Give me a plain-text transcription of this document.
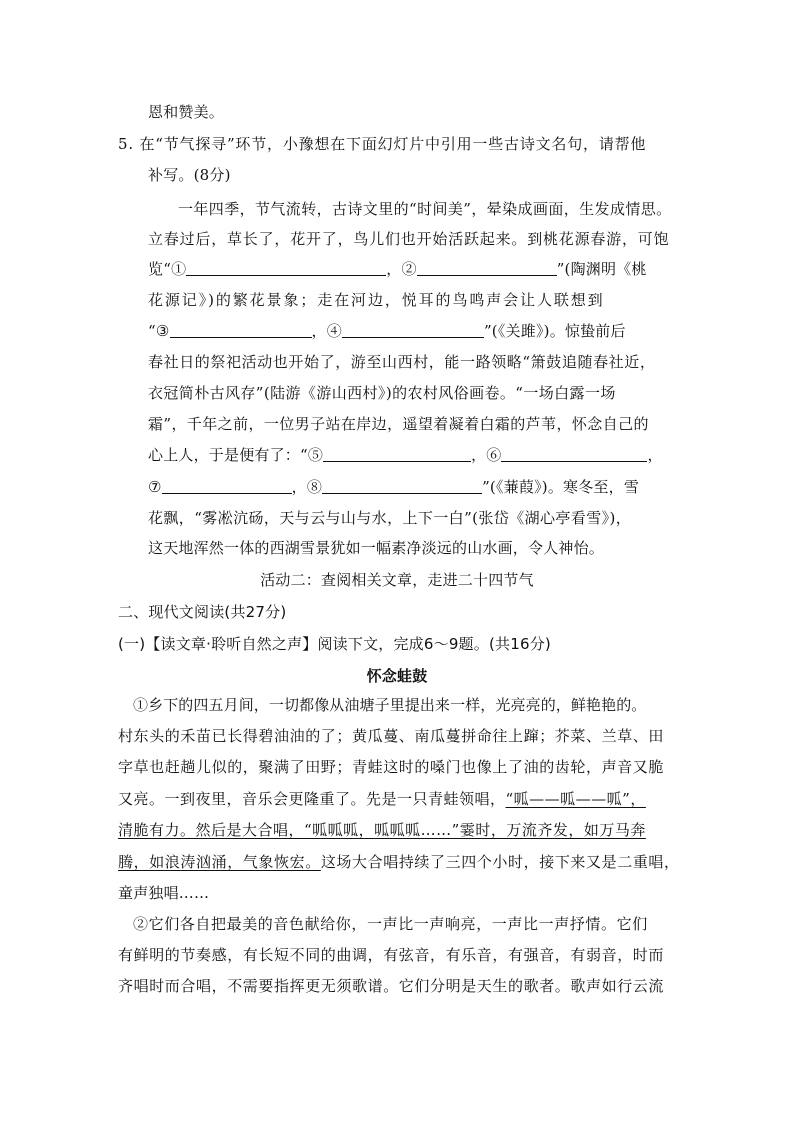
恩和赞美。
5. 在“节气探寻”环节，小豫想在下面幻灯片中引用一些古诗文名句，请帮他
补写。(8分)
一年四季，节气流转，古诗文里的“时间美”，晕染成画面，生发成情思。
立春过后，草长了，花开了，鸟儿们也开始活跃起来。到桃花源春游，可饱
览“①	，②	”(陶渊明《桃
花源记》)的繁花景象；走在河边，悦耳的鸟鸣声会让人联想到
“③	，④	”(《关雎》)。惊蛰前后
春社日的祭祀活动也开始了，游至山西村，能一路领略“箫鼓追随春社近，
衣冠简朴古风存”(陆游《游山西村》)的农村风俗画卷。“一场白露一场
霜”，千年之前，一位男子站在岸边，遥望着凝着白霜的芦苇，怀念自己的
心上人，于是便有了：“⑤	，⑥	，
⑦	，⑧	”(《蒹葭》)。寒冬至，雪
花飘，“雾凇沆砀，天与云与山与水，上下一白”(张岱《湖心亭看雪》)，
这天地浑然一体的西湖雪景犹如一幅素净淡远的山水画，令人神怡。
活动二：查阅相关文章，走进二十四节气
二、现代文阅读(共27分)
(一)【读文章·聆听自然之声】阅读下文，完成6～9题。(共16分)
怀念蛙鼓
①乡下的四五月间，一切都像从油塘子里提出来一样，光亮亮的，鲜艳艳的。
村东头的禾苗已长得碧油油的了；黄瓜蔓、南瓜蔓拼命往上蹿；芥菜、兰草、田
字草也赶趟儿似的，聚满了田野；青蛙这时的嗓门也像上了油的齿轮，声音又脆
又亮。一到夜里，音乐会更隆重了。先是一只青蛙领唱，“呱——呱——呱”，
清脆有力。然后是大合唱，“呱呱呱，呱呱呱……”霎时，万流齐发，如万马奔
腾，如浪涛汹涌，气象恢宏。这场大合唱持续了三四个小时，接下来又是二重唱，
童声独唱……
②它们各自把最美的音色献给你，一声比一声响亮，一声比一声抒情。它们
有鲜明的节奏感，有长短不同的曲调，有弦音，有乐音，有强音，有弱音，时而
齐唱时而合唱，不需要指挥更无须歌谱。它们分明是天生的歌者。歌声如行云流
